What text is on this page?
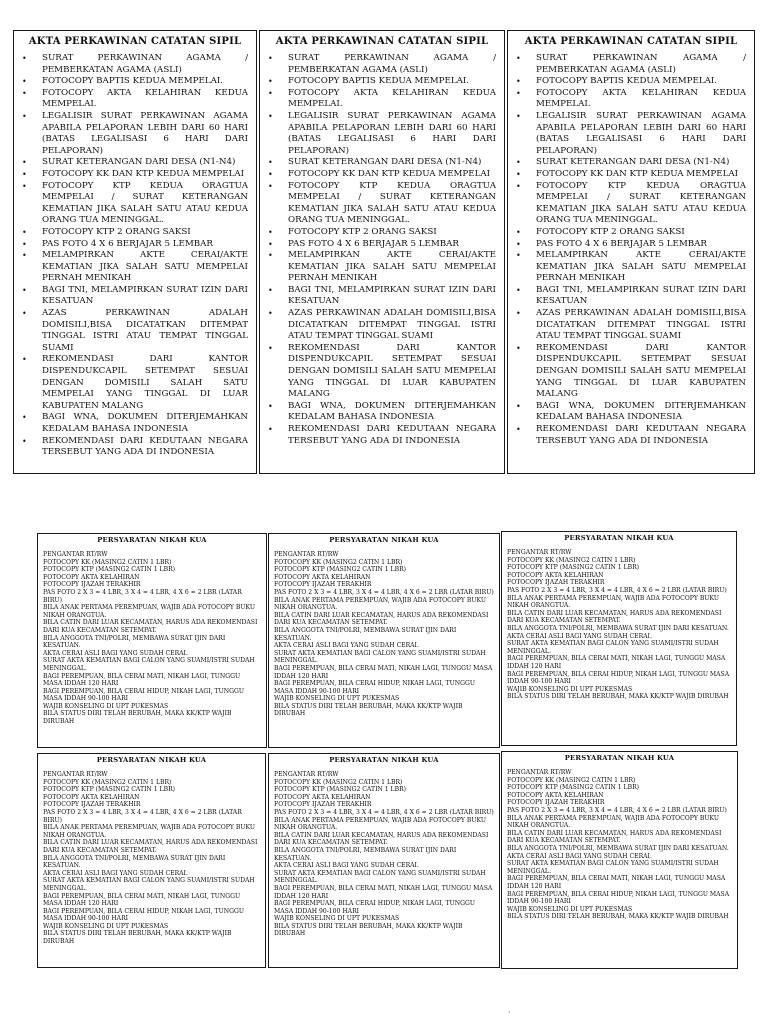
AKTA PERKAWINAN CATATAN SIPIL
•	SURAT PERKAWINAN AGAMA / PEMBERKATAN AGAMA (ASLI)
•	FOTOCOPY BAPTIS KEDUA MEMPELAI.
•	FOTOCOPY AKTA KELAHIRAN KEDUA MEMPELAI.
•	LEGALISIR SURAT PERKAWINAN AGAMA APABILA PELAPORAN LEBIH DARI 60 HARI (BATAS LEGALISASI 6 HARI DARI PELAPORAN)
•	SURAT KETERANGAN DARI DESA (N1-N4)
•	FOTOCOPY KK DAN KTP KEDUA MEMPELAI
•	FOTOCOPY KTP KEDUA ORAGTUA MEMPELAI / SURAT KETERANGAN KEMATIAN JIKA SALAH SATU ATAU KEDUA ORANG TUA MENINGGAL.
•	FOTOCOPY KTP 2 ORANG SAKSI
•	PAS FOTO 4 X 6 BERJAJAR 5 LEMBAR
•	MELAMPIRKAN AKTE CERAI/AKTE KEMATIAN JIKA SALAH SATU MEMPELAI PERNAH MENIKAH
•	BAGI TNI, MELAMPIRKAN SURAT IZIN DARI KESATUAN
•	AZAS PERKAWINAN ADALAH DOMISILI,BISA DICATATKAN DITEMPAT TINGGAL ISTRI ATAU TEMPAT TINGGAL SUAMI
•	REKOMENDASI DARI KANTOR DISPENDUKCAPIL SETEMPAT SESUAI DENGAN DOMISILI SALAH SATU MEMPELAI YANG TINGGAL DI LUAR KABUPATEN MALANG
•	BAGI WNA, DOKUMEN DITERJEMAHKAN KEDALAM BAHASA INDONESIA
•	REKOMENDASI DARI KEDUTAAN NEGARA TERSEBUT YANG ADA DI INDONESIA
AKTA PERKAWINAN CATATAN SIPIL
•	SURAT PERKAWINAN AGAMA / PEMBERKATAN AGAMA (ASLI)
•	FOTOCOPY BAPTIS KEDUA MEMPELAI.
•	FOTOCOPY AKTA KELAHIRAN KEDUA MEMPELAI.
•	LEGALISIR SURAT PERKAWINAN AGAMA APABILA PELAPORAN LEBIH DARI 60 HARI (BATAS LEGALISASI 6 HARI DARI PELAPORAN)
•	SURAT KETERANGAN DARI DESA (N1-N4)
•	FOTOCOPY KK DAN KTP KEDUA MEMPELAI
•	FOTOCOPY KTP KEDUA ORAGTUA MEMPELAI / SURAT KETERANGAN KEMATIAN JIKA SALAH SATU ATAU KEDUA ORANG TUA MENINGGAL.
•	FOTOCOPY KTP 2 ORANG SAKSI
•	PAS FOTO 4 X 6 BERJAJAR 5 LEMBAR
•	MELAMPIRKAN AKTE CERAI/AKTE KEMATIAN JIKA SALAH SATU MEMPELAI PERNAH MENIKAH
•	BAGI TNI, MELAMPIRKAN SURAT IZIN DARI KESATUAN
•	AZAS PERKAWINAN ADALAH DOMISILI,BISA DICATATKAN DITEMPAT TINGGAL ISTRI ATAU TEMPAT TINGGAL SUAMI
•	REKOMENDASI DARI KANTOR DISPENDUKCAPIL SETEMPAT SESUAI DENGAN DOMISILI SALAH SATU MEMPELAI YANG TINGGAL DI LUAR KABUPATEN MALANG
•	BAGI WNA, DOKUMEN DITERJEMAHKAN KEDALAM BAHASA INDONESIA
•	REKOMENDASI DARI KEDUTAAN NEGARA TERSEBUT YANG ADA DI INDONESIA
AKTA PERKAWINAN CATATAN SIPIL
•	SURAT PERKAWINAN AGAMA / PEMBERKATAN AGAMA (ASLI)
•	FOTOCOPY BAPTIS KEDUA MEMPELAI.
•	FOTOCOPY AKTA KELAHIRAN KEDUA MEMPELAI.
•	LEGALISIR SURAT PERKAWINAN AGAMA APABILA PELAPORAN LEBIH DARI 60 HARI (BATAS LEGALISASI 6 HARI DARI PELAPORAN)
•	SURAT KETERANGAN DARI DESA (N1-N4)
•	FOTOCOPY KK DAN KTP KEDUA MEMPELAI
•	FOTOCOPY KTP KEDUA ORAGTUA MEMPELAI / SURAT KETERANGAN KEMATIAN JIKA SALAH SATU ATAU KEDUA ORANG TUA MENINGGAL.
•	FOTOCOPY KTP 2 ORANG SAKSI
•	PAS FOTO 4 X 6 BERJAJAR 5 LEMBAR
•	MELAMPIRKAN AKTE CERAI/AKTE KEMATIAN JIKA SALAH SATU MEMPELAI PERNAH MENIKAH
•	BAGI TNI, MELAMPIRKAN SURAT IZIN DARI KESATUAN
•	AZAS PERKAWINAN ADALAH DOMISILI,BISA DICATATKAN DITEMPAT TINGGAL ISTRI ATAU TEMPAT TINGGAL SUAMI
•	REKOMENDASI DARI KANTOR DISPENDUKCAPIL SETEMPAT SESUAI DENGAN DOMISILI SALAH SATU MEMPELAI YANG TINGGAL DI LUAR KABUPATEN MALANG
•	BAGI WNA, DOKUMEN DITERJEMAHKAN KEDALAM BAHASA INDONESIA
•	REKOMENDASI DARI KEDUTAAN NEGARA TERSEBUT YANG ADA DI INDONESIA
PERSYARATAN NIKAH KUA
PENGANTAR RT/RW
FOTOCOPY KK (MASING2 CATIN 1 LBR)
FOTOCOPY KTP (MASING2 CATIN 1 LBR)
FOTOCOPY AKTA KELAHIRAN
FOTOCOPY IJAZAH TERAKHIR
PAS FOTO 2 X 3 = 4 LBR, 3 X 4 = 4 LBR, 4 X 6 = 2 LBR (LATAR BIRU)
BILA ANAK PERTAMA PEREMPUAN, WAJIB ADA FOTOCOPY BUKU NIKAH ORANGTUA.
BILA CATIN DARI LUAR KECAMATAN, HARUS ADA REKOMENDASI DARI KUA KECAMATAN SETEMPAT.
BILA ANGGOTA TNI/POLRI, MEMBAWA SURAT IJIN DARI KESATUAN.
AKTA CERAI ASLI BAGI YANG SUDAH CERAI.
SURAT AKTA KEMATIAN BAGI CALON YANG SUAMI/ISTRI SUDAH MENINGGAL.
BAGI PEREMPUAN, BILA CERAI MATI, NIKAH LAGI, TUNGGU MASA IDDAH 120 HARI
BAGI PEREMPUAN, BILA CERAI HIDUP, NIKAH LAGI, TUNGGU MASA IDDAH 90-100 HARI
WAJIB KONSELING DI UPT PUKESMAS
BILA STATUS DIRI TELAH BERUBAH, MAKA KK/KTP WAJIB DIRUBAH
PERSYARATAN NIKAH KUA
PENGANTAR RT/RW
FOTOCOPY KK (MASING2 CATIN 1 LBR)
FOTOCOPY KTP (MASING2 CATIN 1 LBR)
FOTOCOPY AKTA KELAHIRAN
FOTOCOPY IJAZAH TERAKHIR
PAS FOTO 2 X 3 = 4 LBR, 3 X 4 = 4 LBR, 4 X 6 = 2 LBR (LATAR BIRU)
BILA ANAK PERTAMA PEREMPUAN, WAJIB ADA FOTOCOPY BUKU NIKAH ORANGTUA.
BILA CATIN DARI LUAR KECAMATAN, HARUS ADA REKOMENDASI DARI KUA KECAMATAN SETEMPAT.
BILA ANGGOTA TNI/POLRI, MEMBAWA SURAT IJIN DARI KESATUAN.
AKTA CERAI ASLI BAGI YANG SUDAH CERAI.
SURAT AKTA KEMATIAN BAGI CALON YANG SUAMI/ISTRI SUDAH MENINGGAL.
BAGI PEREMPUAN, BILA CERAI MATI, NIKAH LAGI, TUNGGU MASA IDDAH 120 HARI
BAGI PEREMPUAN, BILA CERAI HIDUP, NIKAH LAGI, TUNGGU MASA IDDAH 90-100 HARI
WAJIB KONSELING DI UPT PUKESMAS
BILA STATUS DIRI TELAH BERUBAH, MAKA KK/KTP WAJIB DIRUBAH
PERSYARATAN NIKAH KUA
PENGANTAR RT/RW
FOTOCOPY KK (MASING2 CATIN 1 LBR)
FOTOCOPY KTP (MASING2 CATIN 1 LBR)
FOTOCOPY AKTA KELAHIRAN
FOTOCOPY IJAZAH TERAKHIR
PAS FOTO 2 X 3 = 4 LBR, 3 X 4 = 4 LBR, 4 X 6 = 2 LBR (LATAR BIRU)
BILA ANAK PERTAMA PEREMPUAN, WAJIB ADA FOTOCOPY BUKU NIKAH ORANGTUA.
BILA CATIN DARI LUAR KECAMATAN, HARUS ADA REKOMENDASI DARI KUA KECAMATAN SETEMPAT.
BILA ANGGOTA TNI/POLRI, MEMBAWA SURAT IJIN DARI KESATUAN.
AKTA CERAI ASLI BAGI YANG SUDAH CERAI.
SURAT AKTA KEMATIAN BAGI CALON YANG SUAMI/ISTRI SUDAH MENINGGAL.
BAGI PEREMPUAN, BILA CERAI MATI, NIKAH LAGI, TUNGGU MASA IDDAH 120 HARI
BAGI PEREMPUAN, BILA CERAI HIDUP, NIKAH LAGI, TUNGGU MASA IDDAH 90-100 HARI
WAJIB KONSELING DI UPT PUKESMAS
BILA STATUS DIRI TELAH BERUBAH, MAKA KK/KTP WAJIB DIRUBAH
PERSYARATAN NIKAH KUA
PENGANTAR RT/RW
FOTOCOPY KK (MASING2 CATIN 1 LBR)
FOTOCOPY KTP (MASING2 CATIN 1 LBR)
FOTOCOPY AKTA KELAHIRAN
FOTOCOPY IJAZAH TERAKHIR
PAS FOTO 2 X 3 = 4 LBR, 3 X 4 = 4 LBR, 4 X 6 = 2 LBR (LATAR BIRU)
BILA ANAK PERTAMA PEREMPUAN, WAJIB ADA FOTOCOPY BUKU NIKAH ORANGTUA.
BILA CATIN DARI LUAR KECAMATAN, HARUS ADA REKOMENDASI DARI KUA KECAMATAN SETEMPAT.
BILA ANGGOTA TNI/POLRI, MEMBAWA SURAT IJIN DARI KESATUAN.
AKTA CERAI ASLI BAGI YANG SUDAH CERAI.
SURAT AKTA KEMATIAN BAGI CALON YANG SUAMI/ISTRI SUDAH MENINGGAL.
BAGI PEREMPUAN, BILA CERAI MATI, NIKAH LAGI, TUNGGU MASA IDDAH 120 HARI
BAGI PEREMPUAN, BILA CERAI HIDUP, NIKAH LAGI, TUNGGU MASA IDDAH 90-100 HARI
WAJIB KONSELING DI UPT PUKESMAS
BILA STATUS DIRI TELAH BERUBAH, MAKA KK/KTP WAJIB DIRUBAH
PERSYARATAN NIKAH KUA
PENGANTAR RT/RW
FOTOCOPY KK (MASING2 CATIN 1 LBR)
FOTOCOPY KTP (MASING2 CATIN 1 LBR)
FOTOCOPY AKTA KELAHIRAN
FOTOCOPY IJAZAH TERAKHIR
PAS FOTO 2 X 3 = 4 LBR, 3 X 4 = 4 LBR, 4 X 6 = 2 LBR (LATAR BIRU)
BILA ANAK PERTAMA PEREMPUAN, WAJIB ADA FOTOCOPY BUKU NIKAH ORANGTUA.
BILA CATIN DARI LUAR KECAMATAN, HARUS ADA REKOMENDASI DARI KUA KECAMATAN SETEMPAT.
BILA ANGGOTA TNI/POLRI, MEMBAWA SURAT IJIN DARI KESATUAN.
AKTA CERAI ASLI BAGI YANG SUDAH CERAI.
SURAT AKTA KEMATIAN BAGI CALON YANG SUAMI/ISTRI SUDAH MENINGGAL.
BAGI PEREMPUAN, BILA CERAI MATI, NIKAH LAGI, TUNGGU MASA IDDAH 120 HARI
BAGI PEREMPUAN, BILA CERAI HIDUP, NIKAH LAGI, TUNGGU MASA IDDAH 90-100 HARI
WAJIB KONSELING DI UPT PUKESMAS
BILA STATUS DIRI TELAH BERUBAH, MAKA KK/KTP WAJIB DIRUBAH
PERSYARATAN NIKAH KUA
PENGANTAR RT/RW
FOTOCOPY KK (MASING2 CATIN 1 LBR)
FOTOCOPY KTP (MASING2 CATIN 1 LBR)
FOTOCOPY AKTA KELAHIRAN
FOTOCOPY IJAZAH TERAKHIR
PAS FOTO 2 X 3 = 4 LBR, 3 X 4 = 4 LBR, 4 X 6 = 2 LBR (LATAR BIRU)
BILA ANAK PERTAMA PEREMPUAN, WAJIB ADA FOTOCOPY BUKU NIKAH ORANGTUA.
BILA CATIN DARI LUAR KECAMATAN, HARUS ADA REKOMENDASI DARI KUA KECAMATAN SETEMPAT.
BILA ANGGOTA TNI/POLRI, MEMBAWA SURAT IJIN DARI KESATUAN.
AKTA CERAI ASLI BAGI YANG SUDAH CERAI.
SURAT AKTA KEMATIAN BAGI CALON YANG SUAMI/ISTRI SUDAH MENINGGAL.
BAGI PEREMPUAN, BILA CERAI MATI, NIKAH LAGI, TUNGGU MASA IDDAH 120 HARI
BAGI PEREMPUAN, BILA CERAI HIDUP, NIKAH LAGI, TUNGGU MASA IDDAH 90-100 HARI
WAJIB KONSELING DI UPT PUKESMAS
BILA STATUS DIRI TELAH BERUBAH, MAKA KK/KTP WAJIB DIRUBAH
·
